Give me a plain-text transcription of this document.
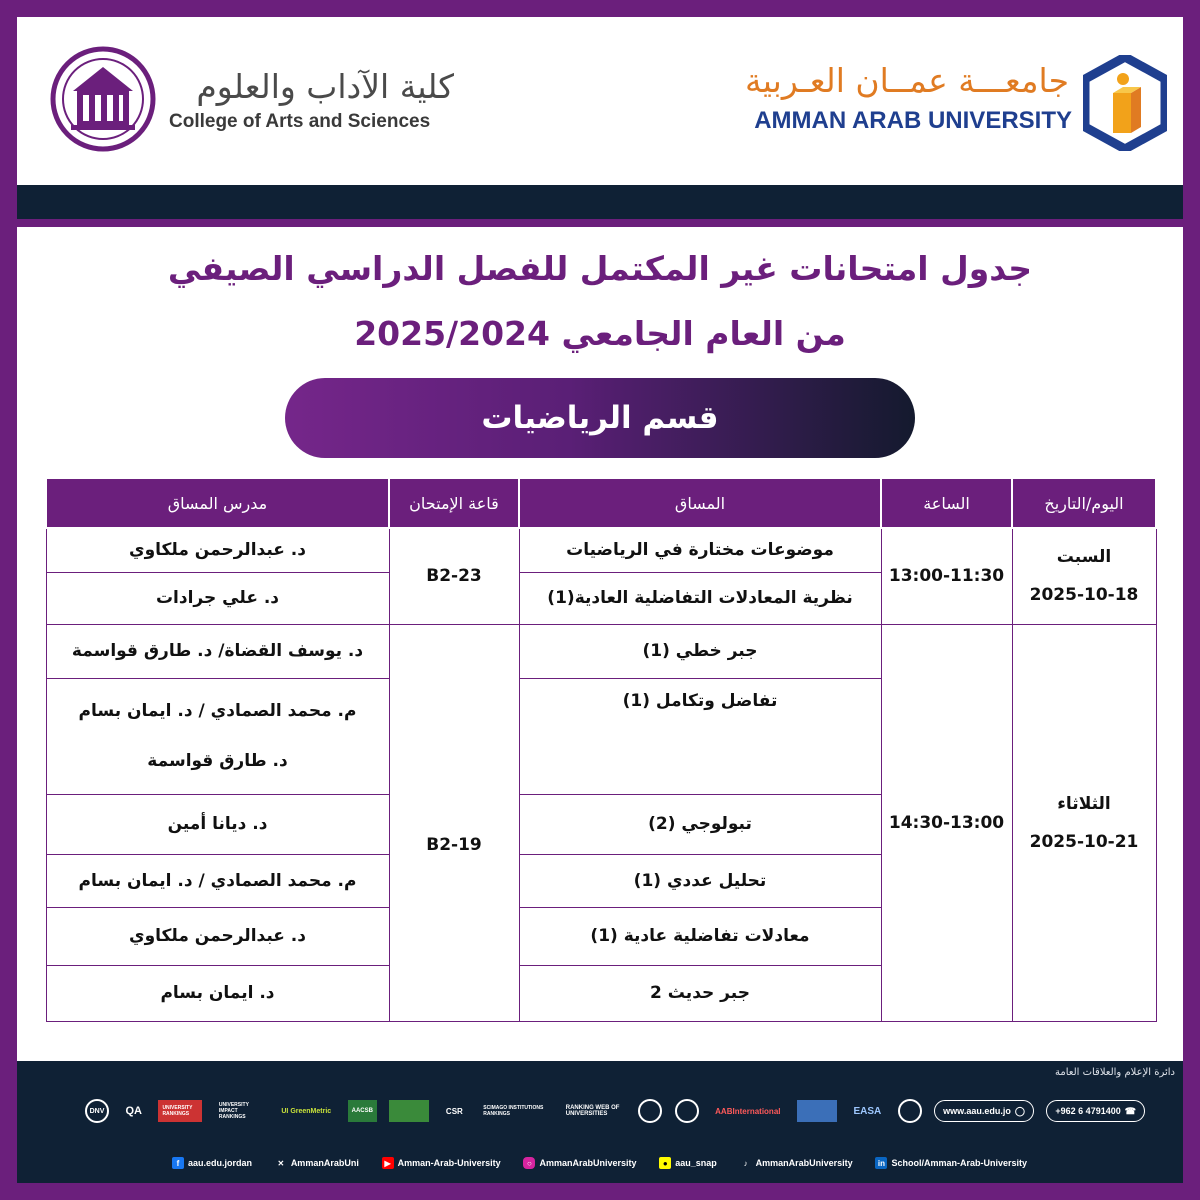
كلية الآداب والعلوم
College of Arts and Sciences
جامعـــة عمــان العـربية
AMMAN ARAB UNIVERSITY
جدول امتحانات غير المكتمل للفصل الدراسي الصيفي
من العام الجامعي 2025/2024
قسم الرياضيات
اليوم/التاريخ	الساعة	المساق	قاعة الإمتحان	مدرس المساق

السبت
2025-10-18	13:00-11:30	موضوعات مختارة في الرياضيات	B2-23	د. عبدالرحمن ملكاوي
		نظرية المعادلات التفاضلية العادية(1)		د. علي جرادات

الثلاثاء
2025-10-21	14:30-13:00	جبر خطي (1)	B2-19	د. يوسف القضاة/ د. طارق قواسمة
		تفاضل وتكامل (1)		م. محمد الصمادي / د. ايمان بسام
د. طارق قواسمة

		تبولوجي (2)		د. ديانا أمين
		تحليل عددي (1)		م. محمد الصمادي / د. ايمان بسام
		معادلات تفاضلية عادية (1)		د. عبدالرحمن ملكاوي
		جبر حديث 2		د. ايمان بسام
دائرة الإعلام والعلاقات العامة
DNV	QA	UNIVERSITY RANKINGS
UNIVERSITY IMPACT RANKINGS
UI GreenMetric	AACSB	CSR	SCIMAGO INSTITUTIONS RANKINGS
RANKING WEB OF UNIVERSITIES	AABInternational	EASA	www.aau.edu.jo ◯	+962 6 4791400 ☎
f aau.edu.jordan	✕ AmmanArabUni	▶ Amman-Arab-University	○ AmmanArabUniversity	● aau_snap	♪ AmmanArabUniversity	in School/Amman-Arab-University
